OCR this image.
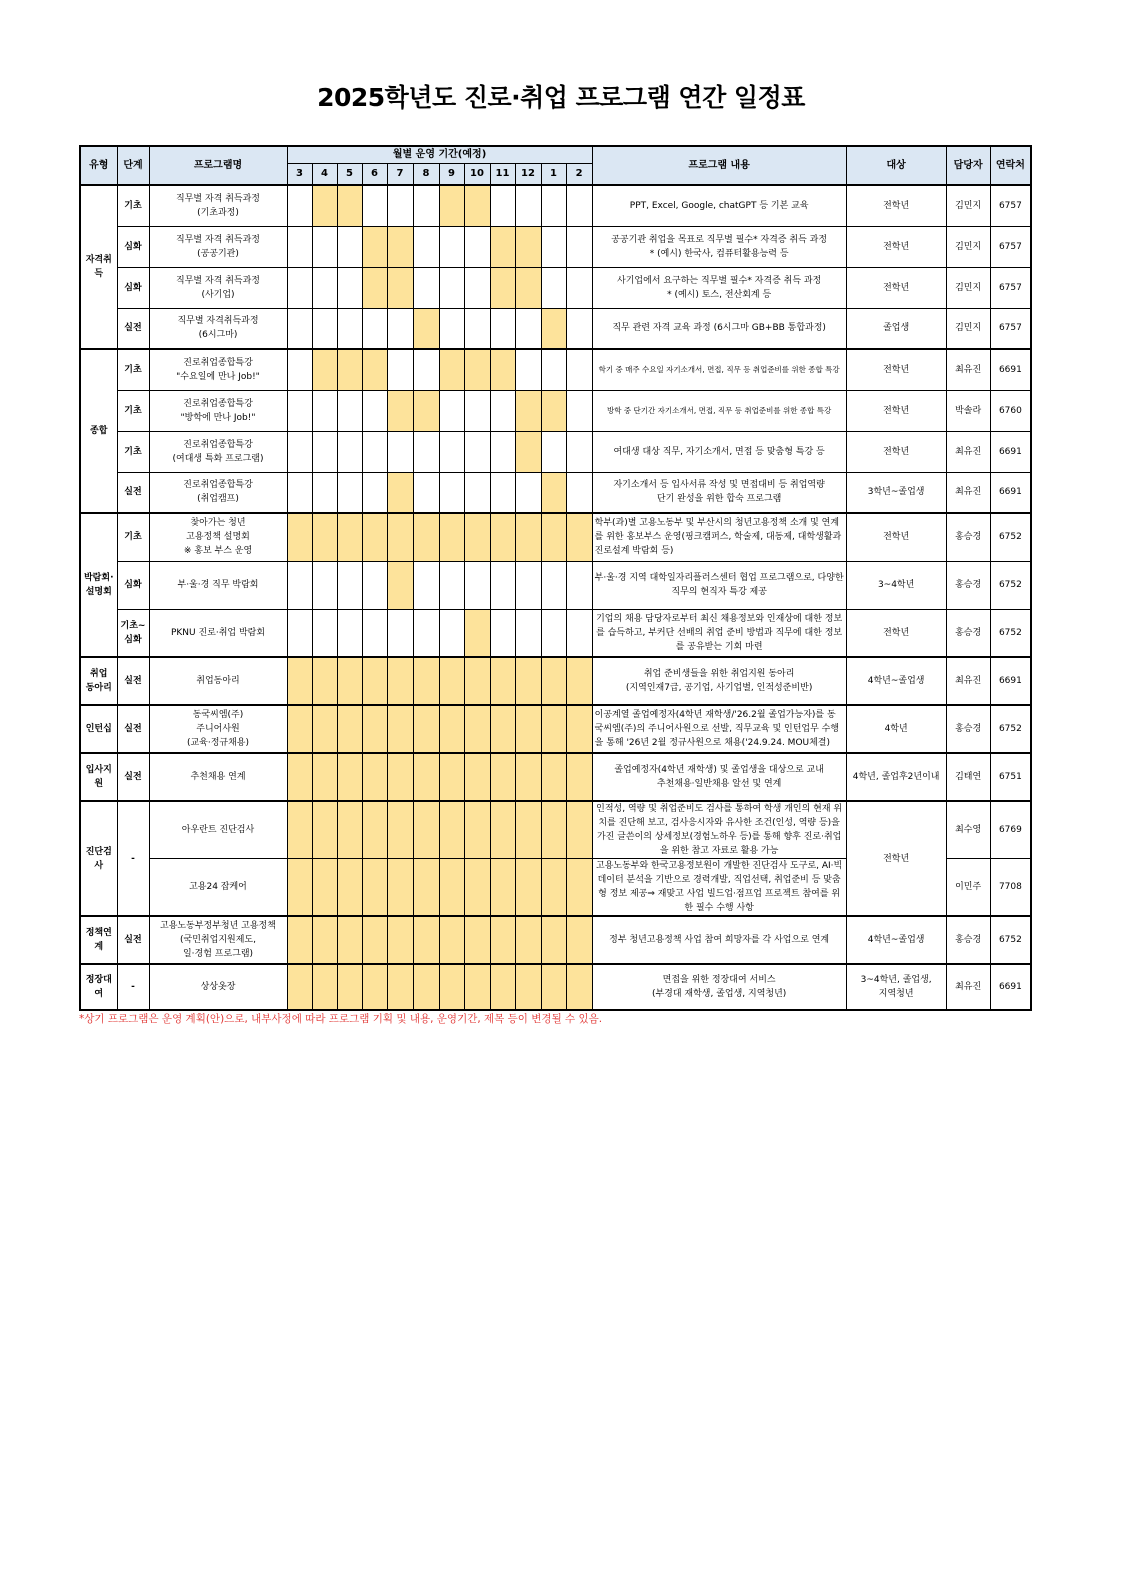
2025학년도 진로·취업 프로그램 연간 일정표
유형	단계	프로그램명	월별 운영 기간(예정)												프로그램 내용	대상	담당자	연락처
			3	4	5	6	7	8	9	10	11	12	1	2				
자격취득	기초	직무별 자격 취득과정
(기초과정)													PPT, Excel, Google, chatGPT 등 기본 교육	전학년	김민지	6757
	심화	직무별 자격 취득과정
(공공기관)													공공기관 취업을 목표로 직무별 필수* 자격증 취득 과정
* (예시) 한국사, 컴퓨터활용능력 등	전학년	김민지	6757
	심화	직무별 자격 취득과정
(사기업)													사기업에서 요구하는 직무별 필수* 자격증 취득 과정
* (예시) 토스, 전산회계 등	전학년	김민지	6757
	실전	직무별 자격취득과정
(6시그마)													직무 관련 자격 교육 과정 (6시그마 GB+BB 통합과정)	졸업생	김민지	6757
종합	기초	진로취업종합특강
"수요일에 만나 Job!"													학기 중 매주 수요일 자기소개서, 면접, 직무 등 취업준비를 위한 종합 특강	전학년	최유진	6691
	기초	진로취업종합특강
"방학에 만나 Job!"													방학 중 단기간 자기소개서, 면접, 직무 등 취업준비를 위한 종합 특강	전학년	박솔라	6760
	기초	진로취업종합특강
(여대생 특화 프로그램)													여대생 대상 직무, 자기소개서, 면접 등 맞춤형 특강 등	전학년	최유진	6691
	실전	진로취업종합특강
(취업캠프)													자기소개서 등 입사서류 작성 및 면접대비 등 취업역량
단기 완성을 위한 합숙 프로그램	3학년~졸업생	최유진	6691
박람회·
설명회	기초	찾아가는 청년
고용정책 설명회
※ 홍보 부스 운영													학부(과)별 고용노동부 및 부산시의 청년고용정책 소개 및 연계를 위한 홍보부스 운영(핑크캠퍼스, 학술제, 대동제, 대학생활과진로설계 박람회 등)	전학년	홍승경	6752
	심화	부·울·경 직무 박람회													부·울·경 지역 대학일자리플러스센터 협업 프로그램으로, 다양한 직무의 현직자 특강 제공	3~4학년	홍승경	6752
	기초~
심화	PKNU 진로·취업 박람회													기업의 채용 담당자로부터 최신 채용정보와 인재상에 대한 정보를 습득하고, 부커단 선배의 취업 준비 방법과 직무에 대한 정보를 공유받는 기회 마련	전학년	홍승경	6752
취업
동아리	실전	취업동아리													취업 준비생들을 위한 취업지원 동아리
(지역인재7급, 공기업, 사기업별, 인적성준비반)	4학년~졸업생	최유진	6691
인턴십	실전	동국씨엠(주)
주니어사원
(교육·정규채용)													이공계열 졸업예정자(4학년 재학생/'26.2월 졸업가능자)를 동국씨엠(주)의 주니어사원으로 선발, 직무교육 및 인턴업무 수행을 통해 '26년 2월 정규사원으로 채용('24.9.24. MOU체결)	4학년	홍승경	6752
입사지원	실전	추천채용 연계													졸업예정자(4학년 재학생) 및 졸업생을 대상으로 교내
추천채용·일반채용 알선 및 연계	4학년, 졸업후2년이내	김태연	6751
진단검사	-	아우란트 진단검사													인적성, 역량 및 취업준비도 검사를 통하여 학생 개인의 현재 위치를 진단해 보고, 검사응시자와 유사한 조건(인성, 역량 등)을 가진 글쓴이의 상세정보(경험노하우 등)를 통해 향후 진로·취업을 위한 참고 자료로 활용 가능	전학년	최수영	6769
		고용24 잡케어													고용노동부와 한국고용정보원이 개발한 진단검사 도구로, AI·빅데이터 분석을 기반으로 경력개발, 직업선택, 취업준비 등 맞춤형 정보 제공⇒ 재맞고 사업 빌드업·점프업 프로젝트 참여를 위한 필수 수행 사항		이민주	7708
정책연계	실전	고용노동부정부청년 고용정책
(국민취업지원제도,
일·경험 프로그램)													정부 청년고용정책 사업 참여 희망자를 각 사업으로 연계	4학년~졸업생	홍승경	6752
정장대여	-	상상옷장													면접을 위한 정장대여 서비스
(부경대 재학생, 졸업생, 지역청년)	3~4학년, 졸업생,
지역청년	최유진	6691
*상기 프로그램은 운영 계획(안)으로, 내부사정에 따라 프로그램 기획 및 내용, 운영기간, 제목 등이 변경될 수 있음.
